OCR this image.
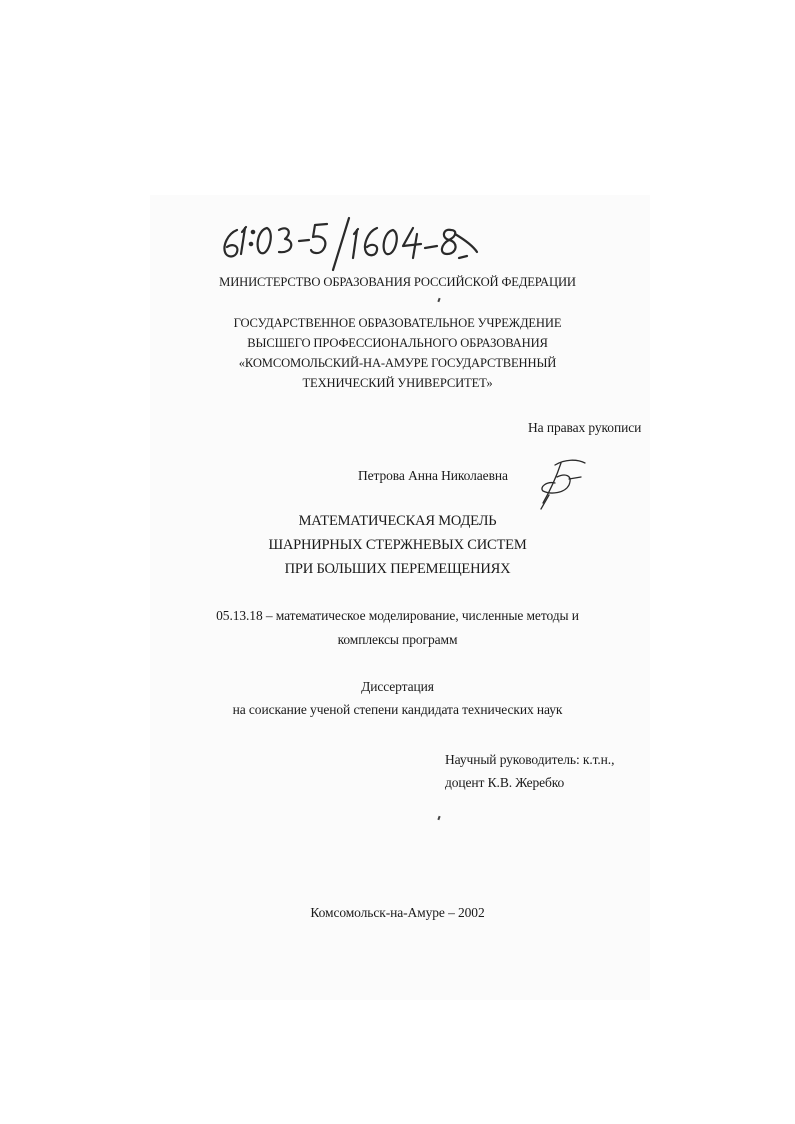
МИНИСТЕРСТВО ОБРАЗОВАНИЯ РОССИЙСКОЙ ФЕДЕРАЦИИ
ГОСУДАРСТВЕННОЕ ОБРАЗОВАТЕЛЬНОЕ УЧРЕЖДЕНИЕ
ВЫСШЕГО ПРОФЕССИОНАЛЬНОГО ОБРАЗОВАНИЯ
«КОМСОМОЛЬСКИЙ-НА-АМУРЕ ГОСУДАРСТВЕННЫЙ
ТЕХНИЧЕСКИЙ УНИВЕРСИТЕТ»
На правах рукописи
Петрова Анна Николаевна
МАТЕМАТИЧЕСКАЯ МОДЕЛЬ
ШАРНИРНЫХ СТЕРЖНЕВЫХ СИСТЕМ
ПРИ БОЛЬШИХ ПЕРЕМЕЩЕНИЯХ
05.13.18 – математическое моделирование, численные методы и
комплексы программ
Диссертация
на соискание ученой степени кандидата технических наук
Научный руководитель: к.т.н.,
доцент К.В. Жеребко
Комсомольск-на-Амуре – 2002
